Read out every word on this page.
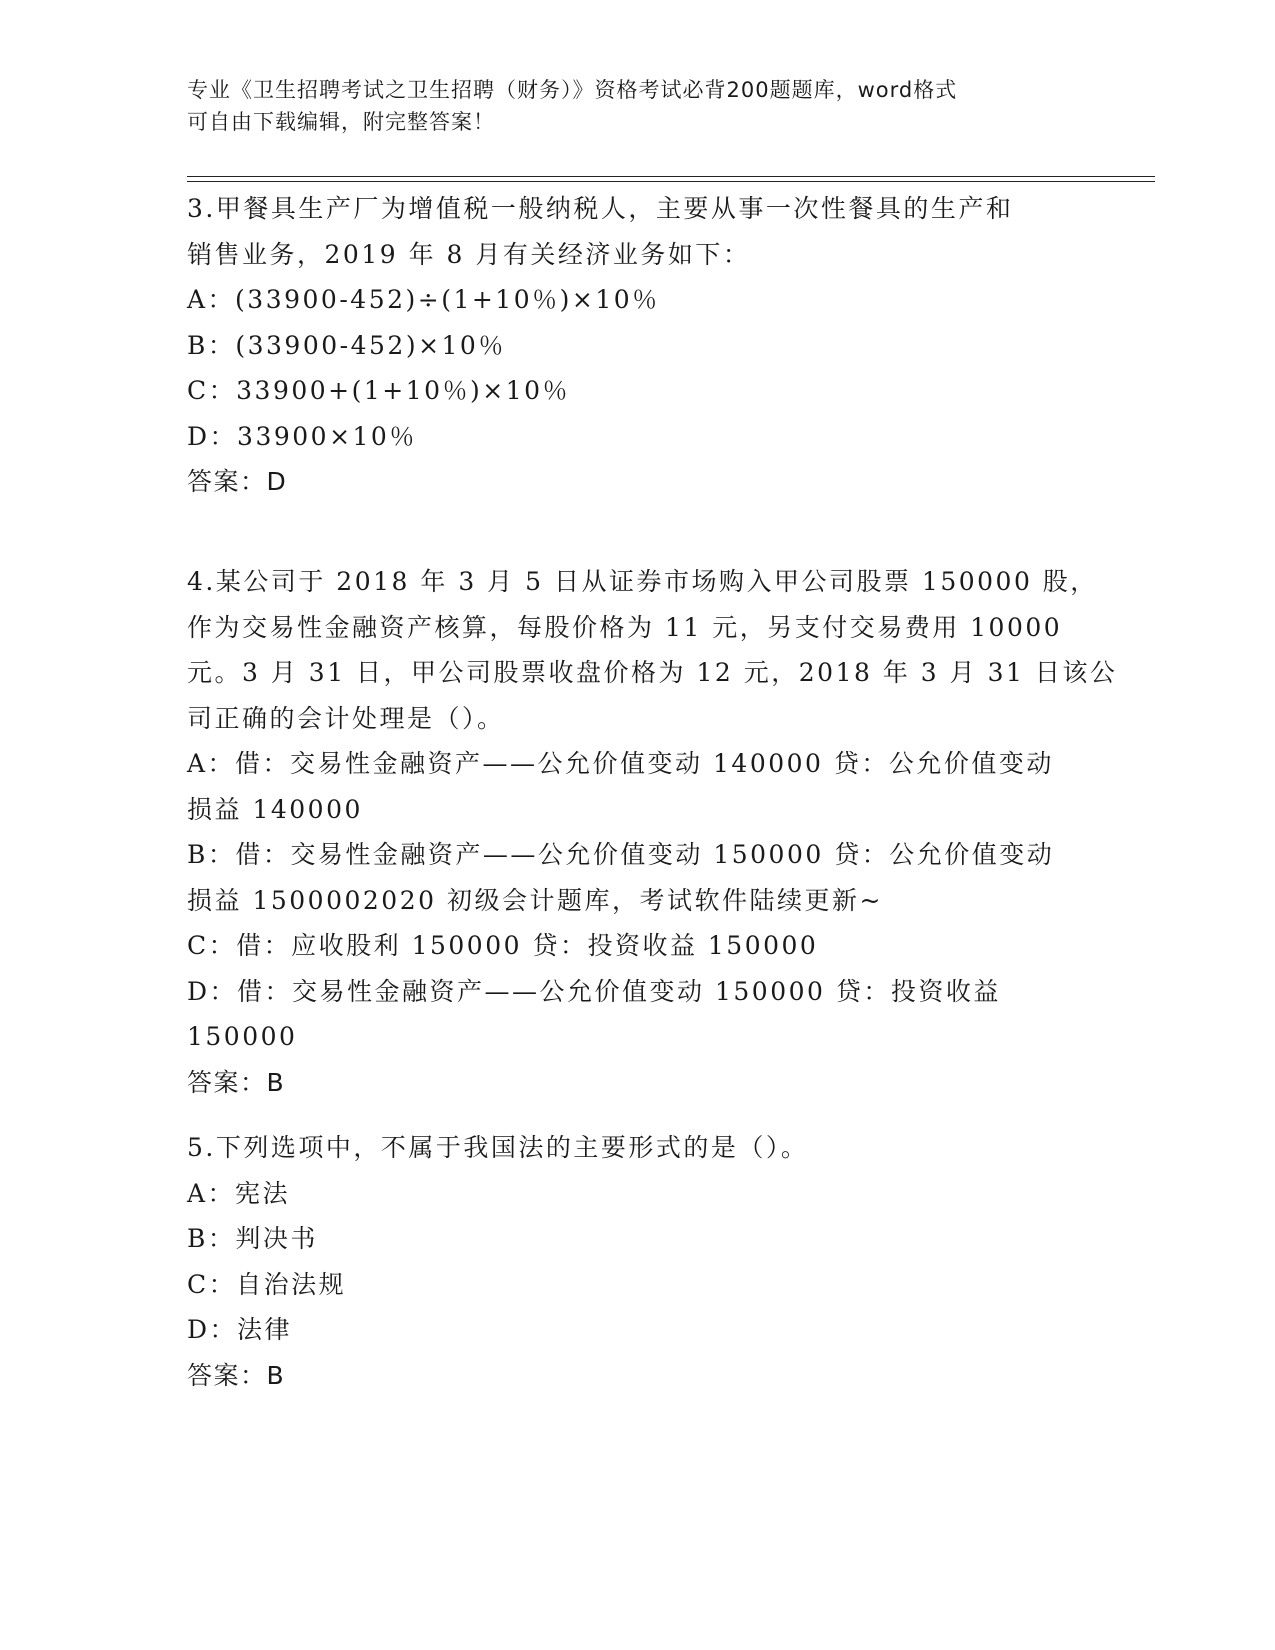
专业《卫生招聘考试之卫生招聘（财务）》资格考试必背200题题库，word格式
可自由下载编辑，附完整答案！
3.甲餐具生产厂为增值税一般纳税人，主要从事一次性餐具的生产和
销售业务，2019 年 8 月有关经济业务如下：
A：(33900-452)÷(1+10％)×10％
B：(33900-452)×10％
C：33900+(1+10％)×10％
D：33900×10％
答案：D
4.某公司于 2018 年 3 月 5 日从证券市场购入甲公司股票 150000 股，
作为交易性金融资产核算，每股价格为 11 元，另支付交易费用 10000
元。3 月 31 日，甲公司股票收盘价格为 12 元，2018 年 3 月 31 日该公
司正确的会计处理是（）。
A：借：交易性金融资产——公允价值变动 140000 贷：公允价值变动
损益 140000
B：借：交易性金融资产——公允价值变动 150000 贷：公允价值变动
损益 1500002020 初级会计题库，考试软件陆续更新~
C：借：应收股利 150000 贷：投资收益 150000
D：借：交易性金融资产——公允价值变动 150000 贷：投资收益
150000
答案：B
5.下列选项中，不属于我国法的主要形式的是（）。
A：宪法
B：判决书
C：自治法规
D：法律
答案：B
